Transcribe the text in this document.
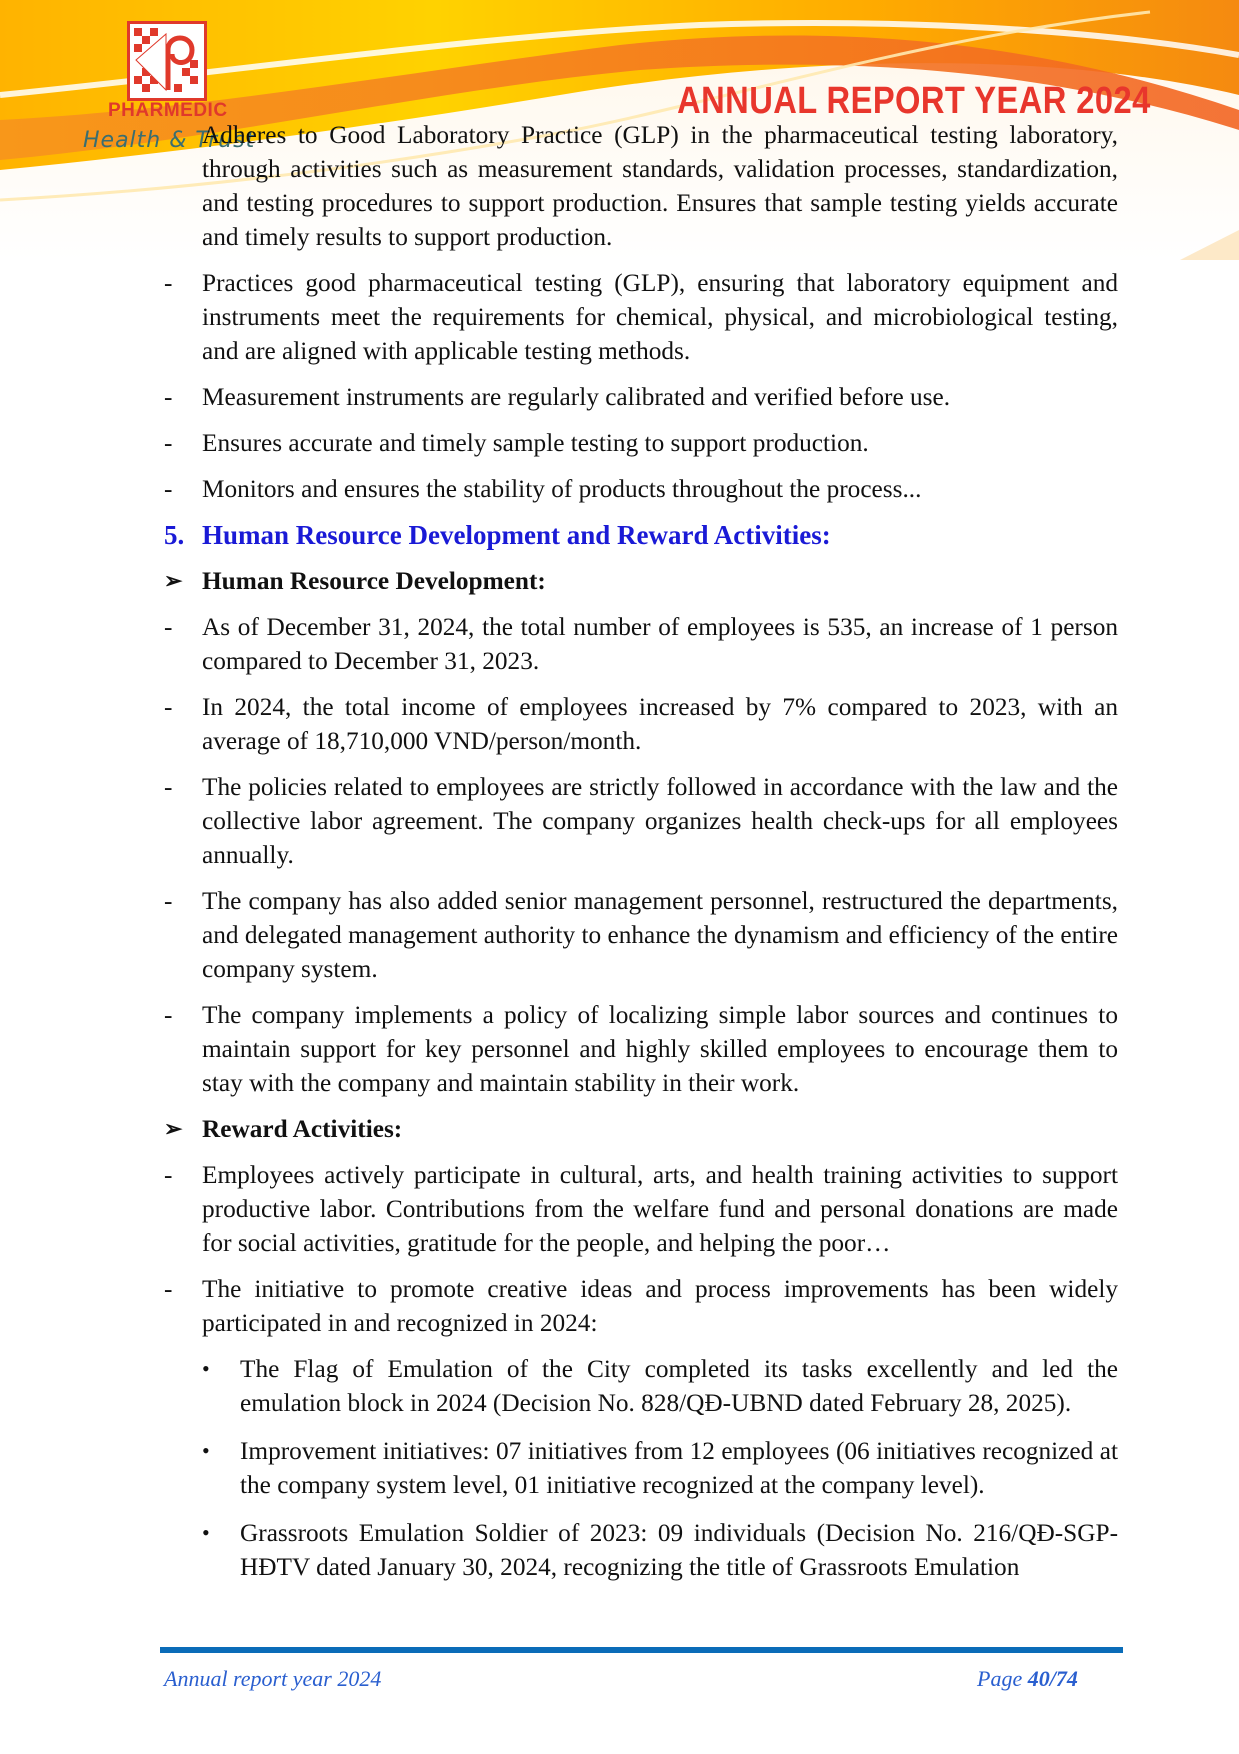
PHARMEDIC
Health & Trust
ANNUAL REPORT YEAR 2024
Adheres to Good Laboratory Practice (GLP) in the pharmaceutical testing laboratory, through activities such as measurement standards, validation processes, standardization, and testing procedures to support production. Ensures that sample testing yields accurate and timely results to support production.
- Practices good pharmaceutical testing (GLP), ensuring that laboratory equipment and instruments meet the requirements for chemical, physical, and microbiological testing, and are aligned with applicable testing methods.
- Measurement instruments are regularly calibrated and verified before use.
- Ensures accurate and timely sample testing to support production.
- Monitors and ensures the stability of products throughout the process...
5. Human Resource Development and Reward Activities:
➢ Human Resource Development:
- As of December 31, 2024, the total number of employees is 535, an increase of 1 person compared to December 31, 2023.
- In 2024, the total income of employees increased by 7% compared to 2023, with an average of 18,710,000 VND/person/month.
- The policies related to employees are strictly followed in accordance with the law and the collective labor agreement. The company organizes health check-ups for all employees annually.
- The company has also added senior management personnel, restructured the departments, and delegated management authority to enhance the dynamism and efficiency of the entire company system.
- The company implements a policy of localizing simple labor sources and continues to maintain support for key personnel and highly skilled employees to encourage them to stay with the company and maintain stability in their work.
➢ Reward Activities:
- Employees actively participate in cultural, arts, and health training activities to support productive labor. Contributions from the welfare fund and personal donations are made for social activities, gratitude for the people, and helping the poor…
- The initiative to promote creative ideas and process improvements has been widely participated in and recognized in 2024:
• The Flag of Emulation of the City completed its tasks excellently and led the emulation block in 2024 (Decision No. 828/QĐ-UBND dated February 28, 2025).
• Improvement initiatives: 07 initiatives from 12 employees (06 initiatives recognized at the company system level, 01 initiative recognized at the company level).
• Grassroots Emulation Soldier of 2023: 09 individuals (Decision No. 216/QĐ-SGP-HĐTV dated January 30, 2024, recognizing the title of Grassroots Emulation
Annual report year 2024	Page 40/74
